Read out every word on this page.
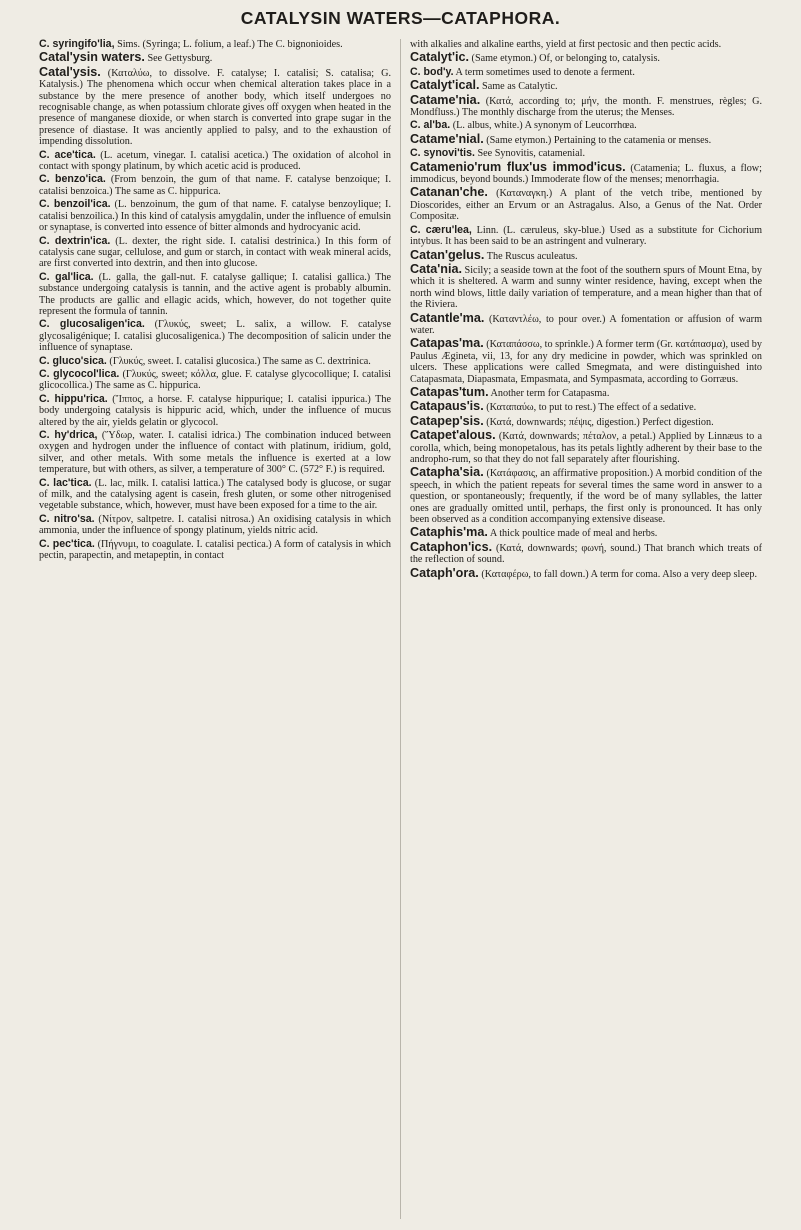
CATALYSIN WATERS—CATAPHORA.

C. syringifo'lia, Sims. (Syringa; L. folium, a leaf.) The C. bignonioides.

Catal'ysin waters. See Gettysburg.

Catal'ysis. (Καταλύω, to dissolve. F. catalyse; I. catalisi; S. catalisa; G. Katalysis.) The phenomena which occur when chemical alteration takes place in a substance by the mere presence of another body, which itself undergoes no recognisable change, as when potassium chlorate gives off oxygen when heated in the presence of manganese dioxide, or when starch is converted into grape sugar in the presence of diastase. It was anciently applied to palsy, and to the exhaustion of impending dissolution.

C. ace'tica. (L. acetum, vinegar. I. catalisi acetica.) The oxidation of alcohol in contact with spongy platinum, by which acetic acid is produced.

C. benzo'ica. (From benzoin, the gum of that name. F. catalyse benzoique; I. catalisi benzoica.) The same as C. hippurica.

C. benzoil'ica. (L. benzoinum, the gum of that name. F. catalyse benzoylique; I. catalisi benzoilica.) In this kind of catalysis amygdalin, under the influence of emulsin or synaptase, is converted into essence of bitter almonds and hydrocyanic acid.

C. dextrin'ica. (L. dexter, the right side. I. catalisi destrinica.) In this form of catalysis cane sugar, cellulose, and gum or starch, in contact with weak mineral acids, are first converted into dextrin, and then into glucose.

C. gal'lica. (L. galla, the gall-nut. F. catalyse gallique; I. catalisi gallica.) The substance undergoing catalysis is tannin, and the active agent is probably albumin. The products are gallic and ellagic acids, which, however, do not together quite represent the formula of tannin.

C. glucosaligen'ica. (Γλυκύς, sweet; L. salix, a willow. F. catalyse glycosaligénique; I. catalisi glucosaligenica.) The decomposition of salicin under the influence of synaptase.

C. gluco'sica. (Γλυκύς, sweet. I. catalisi glucosica.) The same as C. dextrinica.

C. glycocol'lica. (Γλυκύς, sweet; κόλλα, glue. F. catalyse glycocollique; I. catalisi glicocollica.) The same as C. hippurica.

C. hippu'rica. (Ἵππος, a horse. F. catalyse hippurique; I. catalisi ippurica.) The body undergoing catalysis is hippuric acid, which, under the influence of mucus altered by the air, yields gelatin or glycocol.

C. hy'drica, (Ὕδωρ, water. I. catalisi idrica.) The combination induced between oxygen and hydrogen under the influence of contact with platinum, iridium, gold, silver, and other metals. With some metals the influence is exerted at a low temperature, but with others, as silver, a temperature of 300° C. (572° F.) is required.

C. lac'tica. (L. lac, milk. I. catalisi lattica.) The catalysed body is glucose, or sugar of milk, and the catalysing agent is casein, fresh gluten, or some other nitrogenised vegetable substance, which, however, must have been exposed for a time to the air.

C. nitro'sa. (Νίτρον, saltpetre. I. catalisi nitrosa.) An oxidising catalysis in which ammonia, under the influence of spongy platinum, yields nitric acid.

C. pec'tica. (Πήγνυμι, to coagulate. I. catalisi pectica.) A form of catalysis in which pectin, parapectin, and metapeptin, in contact

with alkalies and alkaline earths, yield at first pectosic and then pectic acids.

Catalyt'ic. (Same etymon.) Of, or belonging to, catalysis.

C. bod'y. A term sometimes used to denote a ferment.

Catalyt'ical. Same as Catalytic.

Catame'nia. (Κατά, according to; μήν, the month. F. menstrues, règles; G. Mondfluss.) The monthly discharge from the uterus; the Menses.

C. al'ba. (L. albus, white.) A synonym of Leucorrhœa.

Catame'nial. (Same etymon.) Pertaining to the catamenia or menses.

C. synovi'tis. See Synovitis, catamenial.

Catamenio'rum flux'us immod'icus. (Catamenia; L. fluxus, a flow; immodicus, beyond bounds.) Immoderate flow of the menses; menorrhagia.

Catanan'che. (Καταναγκη.) A plant of the vetch tribe, mentioned by Dioscorides, either an Ervum or an Astragalus. Also, a Genus of the Nat. Order Compositæ.

C. cæru'lea, Linn. (L. cæruleus, sky-blue.) Used as a substitute for Cichorium intybus. It has been said to be an astringent and vulnerary.

Catan'gelus. The Ruscus aculeatus.

Cata'nia. Sicily; a seaside town at the foot of the southern spurs of Mount Etna, by which it is sheltered. A warm and sunny winter residence, having, except when the north wind blows, little daily variation of temperature, and a mean higher than that of the Riviera.

Catantle'ma. (Καταντλέω, to pour over.) A fomentation or affusion of warm water.

Catapas'ma. (Καταπάσσω, to sprinkle.) A former term (Gr. κατάπασμα), used by Paulus Ægineta, vii, 13, for any dry medicine in powder, which was sprinkled on ulcers. These applications were called Smegmata, and were distinguished into Catapasmata, Diapasmata, Empasmata, and Sympasmata, according to Gorræus.

Catapas'tum. Another term for Catapasma.

Catapaus'is. (Καταπαύω, to put to rest.) The effect of a sedative.

Catapep'sis. (Κατά, downwards; πέψις, digestion.) Perfect digestion.

Catapet'alous. (Κατά, downwards; πέταλον, a petal.) Applied by Linnæus to a corolla, which, being monopetalous, has its petals lightly adherent by their base to the andropho-rum, so that they do not fall separately after flourishing.

Catapha'sia. (Κατάφασις, an affirmative proposition.) A morbid condition of the speech, in which the patient repeats for several times the same word in answer to a question, or spontaneously; frequently, if the word be of many syllables, the latter ones are gradually omitted until, perhaps, the first only is pronounced. It has only been observed as a condition accompanying extensive disease.

Cataphis'ma. A thick poultice made of meal and herbs.

Cataphon'ics. (Κατά, downwards; φωνή, sound.) That branch which treats of the reflection of sound.

Cataph'ora. (Καταφέρω, to fall down.) A term for coma. Also a very deep sleep.
